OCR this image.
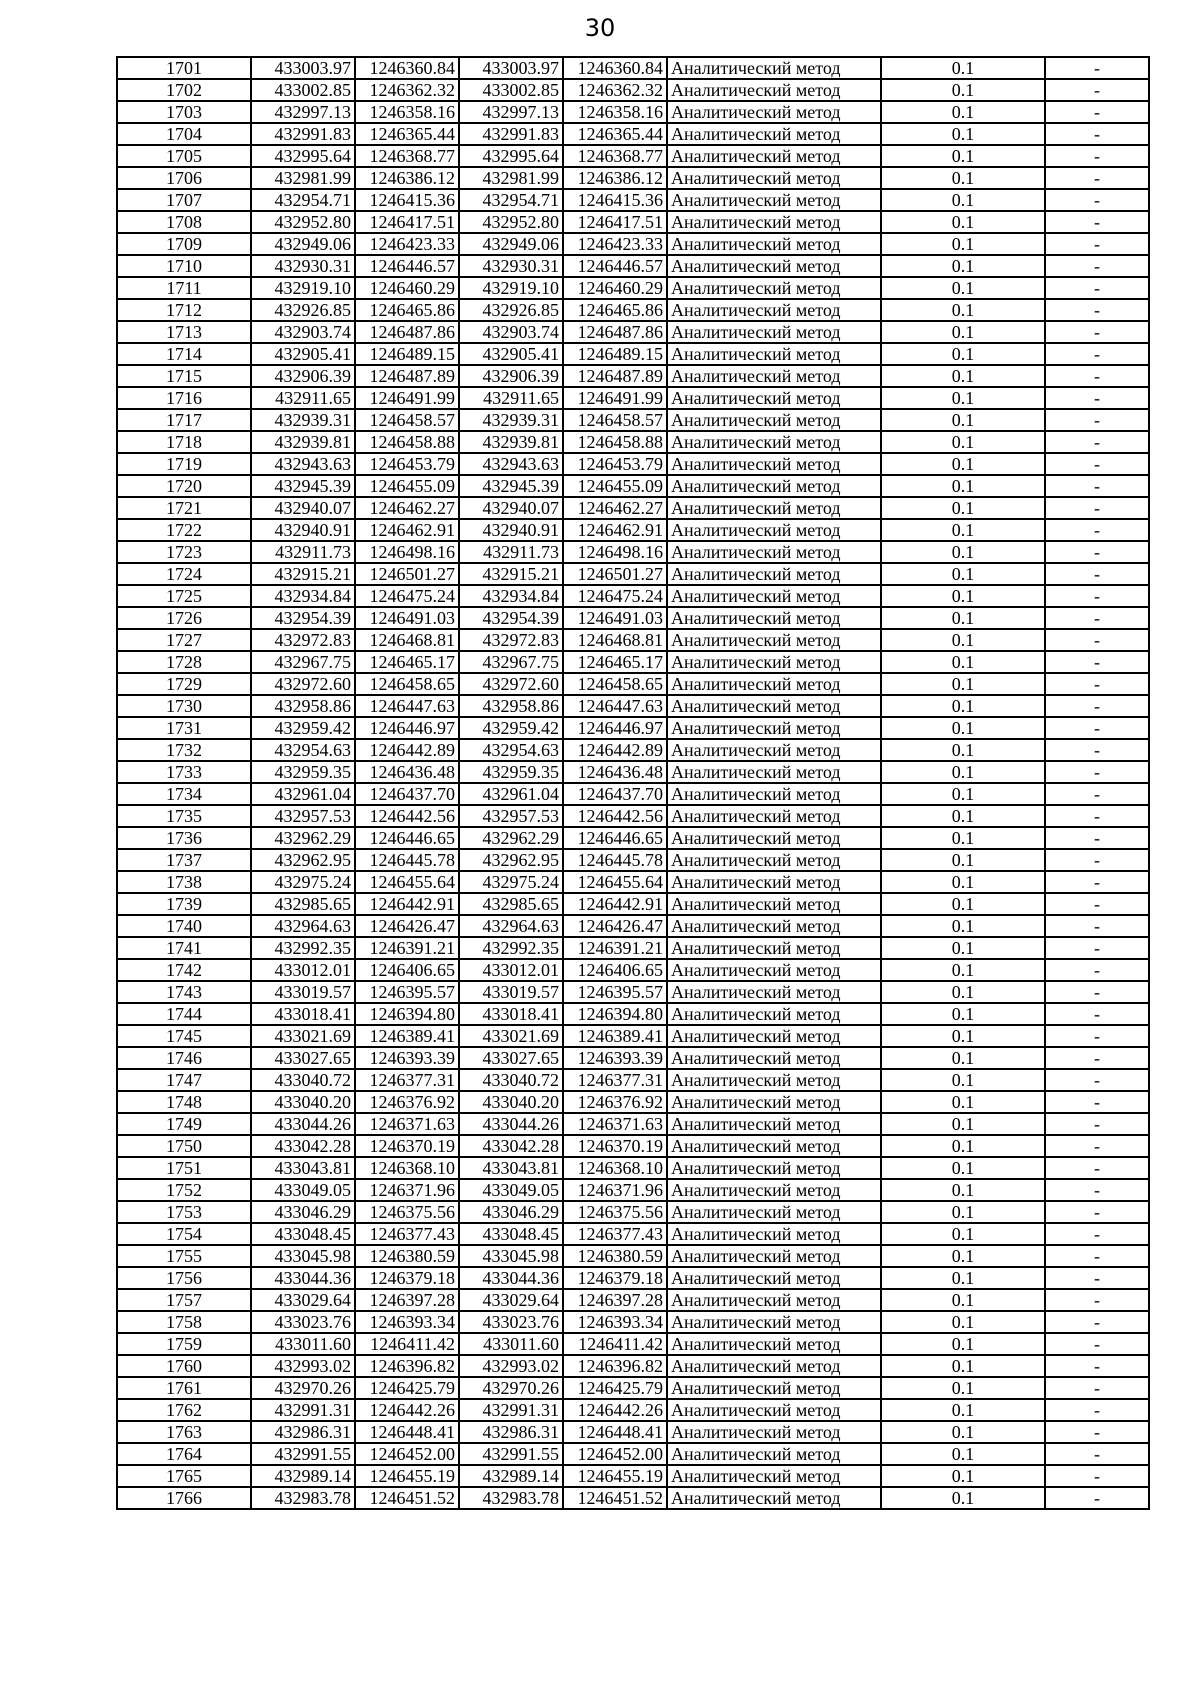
30
1701	433003.97	1246360.84	433003.97	1246360.84	Аналитический метод	0.1	-
1702	433002.85	1246362.32	433002.85	1246362.32	Аналитический метод	0.1	-
1703	432997.13	1246358.16	432997.13	1246358.16	Аналитический метод	0.1	-
1704	432991.83	1246365.44	432991.83	1246365.44	Аналитический метод	0.1	-
1705	432995.64	1246368.77	432995.64	1246368.77	Аналитический метод	0.1	-
1706	432981.99	1246386.12	432981.99	1246386.12	Аналитический метод	0.1	-
1707	432954.71	1246415.36	432954.71	1246415.36	Аналитический метод	0.1	-
1708	432952.80	1246417.51	432952.80	1246417.51	Аналитический метод	0.1	-
1709	432949.06	1246423.33	432949.06	1246423.33	Аналитический метод	0.1	-
1710	432930.31	1246446.57	432930.31	1246446.57	Аналитический метод	0.1	-
1711	432919.10	1246460.29	432919.10	1246460.29	Аналитический метод	0.1	-
1712	432926.85	1246465.86	432926.85	1246465.86	Аналитический метод	0.1	-
1713	432903.74	1246487.86	432903.74	1246487.86	Аналитический метод	0.1	-
1714	432905.41	1246489.15	432905.41	1246489.15	Аналитический метод	0.1	-
1715	432906.39	1246487.89	432906.39	1246487.89	Аналитический метод	0.1	-
1716	432911.65	1246491.99	432911.65	1246491.99	Аналитический метод	0.1	-
1717	432939.31	1246458.57	432939.31	1246458.57	Аналитический метод	0.1	-
1718	432939.81	1246458.88	432939.81	1246458.88	Аналитический метод	0.1	-
1719	432943.63	1246453.79	432943.63	1246453.79	Аналитический метод	0.1	-
1720	432945.39	1246455.09	432945.39	1246455.09	Аналитический метод	0.1	-
1721	432940.07	1246462.27	432940.07	1246462.27	Аналитический метод	0.1	-
1722	432940.91	1246462.91	432940.91	1246462.91	Аналитический метод	0.1	-
1723	432911.73	1246498.16	432911.73	1246498.16	Аналитический метод	0.1	-
1724	432915.21	1246501.27	432915.21	1246501.27	Аналитический метод	0.1	-
1725	432934.84	1246475.24	432934.84	1246475.24	Аналитический метод	0.1	-
1726	432954.39	1246491.03	432954.39	1246491.03	Аналитический метод	0.1	-
1727	432972.83	1246468.81	432972.83	1246468.81	Аналитический метод	0.1	-
1728	432967.75	1246465.17	432967.75	1246465.17	Аналитический метод	0.1	-
1729	432972.60	1246458.65	432972.60	1246458.65	Аналитический метод	0.1	-
1730	432958.86	1246447.63	432958.86	1246447.63	Аналитический метод	0.1	-
1731	432959.42	1246446.97	432959.42	1246446.97	Аналитический метод	0.1	-
1732	432954.63	1246442.89	432954.63	1246442.89	Аналитический метод	0.1	-
1733	432959.35	1246436.48	432959.35	1246436.48	Аналитический метод	0.1	-
1734	432961.04	1246437.70	432961.04	1246437.70	Аналитический метод	0.1	-
1735	432957.53	1246442.56	432957.53	1246442.56	Аналитический метод	0.1	-
1736	432962.29	1246446.65	432962.29	1246446.65	Аналитический метод	0.1	-
1737	432962.95	1246445.78	432962.95	1246445.78	Аналитический метод	0.1	-
1738	432975.24	1246455.64	432975.24	1246455.64	Аналитический метод	0.1	-
1739	432985.65	1246442.91	432985.65	1246442.91	Аналитический метод	0.1	-
1740	432964.63	1246426.47	432964.63	1246426.47	Аналитический метод	0.1	-
1741	432992.35	1246391.21	432992.35	1246391.21	Аналитический метод	0.1	-
1742	433012.01	1246406.65	433012.01	1246406.65	Аналитический метод	0.1	-
1743	433019.57	1246395.57	433019.57	1246395.57	Аналитический метод	0.1	-
1744	433018.41	1246394.80	433018.41	1246394.80	Аналитический метод	0.1	-
1745	433021.69	1246389.41	433021.69	1246389.41	Аналитический метод	0.1	-
1746	433027.65	1246393.39	433027.65	1246393.39	Аналитический метод	0.1	-
1747	433040.72	1246377.31	433040.72	1246377.31	Аналитический метод	0.1	-
1748	433040.20	1246376.92	433040.20	1246376.92	Аналитический метод	0.1	-
1749	433044.26	1246371.63	433044.26	1246371.63	Аналитический метод	0.1	-
1750	433042.28	1246370.19	433042.28	1246370.19	Аналитический метод	0.1	-
1751	433043.81	1246368.10	433043.81	1246368.10	Аналитический метод	0.1	-
1752	433049.05	1246371.96	433049.05	1246371.96	Аналитический метод	0.1	-
1753	433046.29	1246375.56	433046.29	1246375.56	Аналитический метод	0.1	-
1754	433048.45	1246377.43	433048.45	1246377.43	Аналитический метод	0.1	-
1755	433045.98	1246380.59	433045.98	1246380.59	Аналитический метод	0.1	-
1756	433044.36	1246379.18	433044.36	1246379.18	Аналитический метод	0.1	-
1757	433029.64	1246397.28	433029.64	1246397.28	Аналитический метод	0.1	-
1758	433023.76	1246393.34	433023.76	1246393.34	Аналитический метод	0.1	-
1759	433011.60	1246411.42	433011.60	1246411.42	Аналитический метод	0.1	-
1760	432993.02	1246396.82	432993.02	1246396.82	Аналитический метод	0.1	-
1761	432970.26	1246425.79	432970.26	1246425.79	Аналитический метод	0.1	-
1762	432991.31	1246442.26	432991.31	1246442.26	Аналитический метод	0.1	-
1763	432986.31	1246448.41	432986.31	1246448.41	Аналитический метод	0.1	-
1764	432991.55	1246452.00	432991.55	1246452.00	Аналитический метод	0.1	-
1765	432989.14	1246455.19	432989.14	1246455.19	Аналитический метод	0.1	-
1766	432983.78	1246451.52	432983.78	1246451.52	Аналитический метод	0.1	-
